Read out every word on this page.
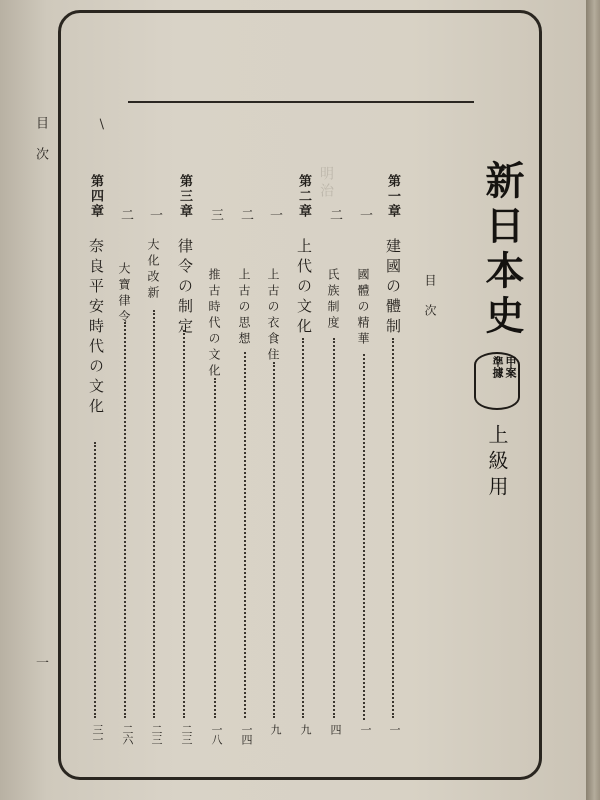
目次	/
一
明治	新日本史
甲案
準據
上級用
目次
第一章
建國の體制
一
一
國體の精華
一
二
氏族制度
四
第二章
上代の文化
九
一
上古の衣食住
九
二
上古の思想
一四
三
推古時代の文化
一八
第三章
律令の制定
二三
一
大化改新
二三
二
大寶律令
二六
第四章
奈良平安時代の文化
三一
